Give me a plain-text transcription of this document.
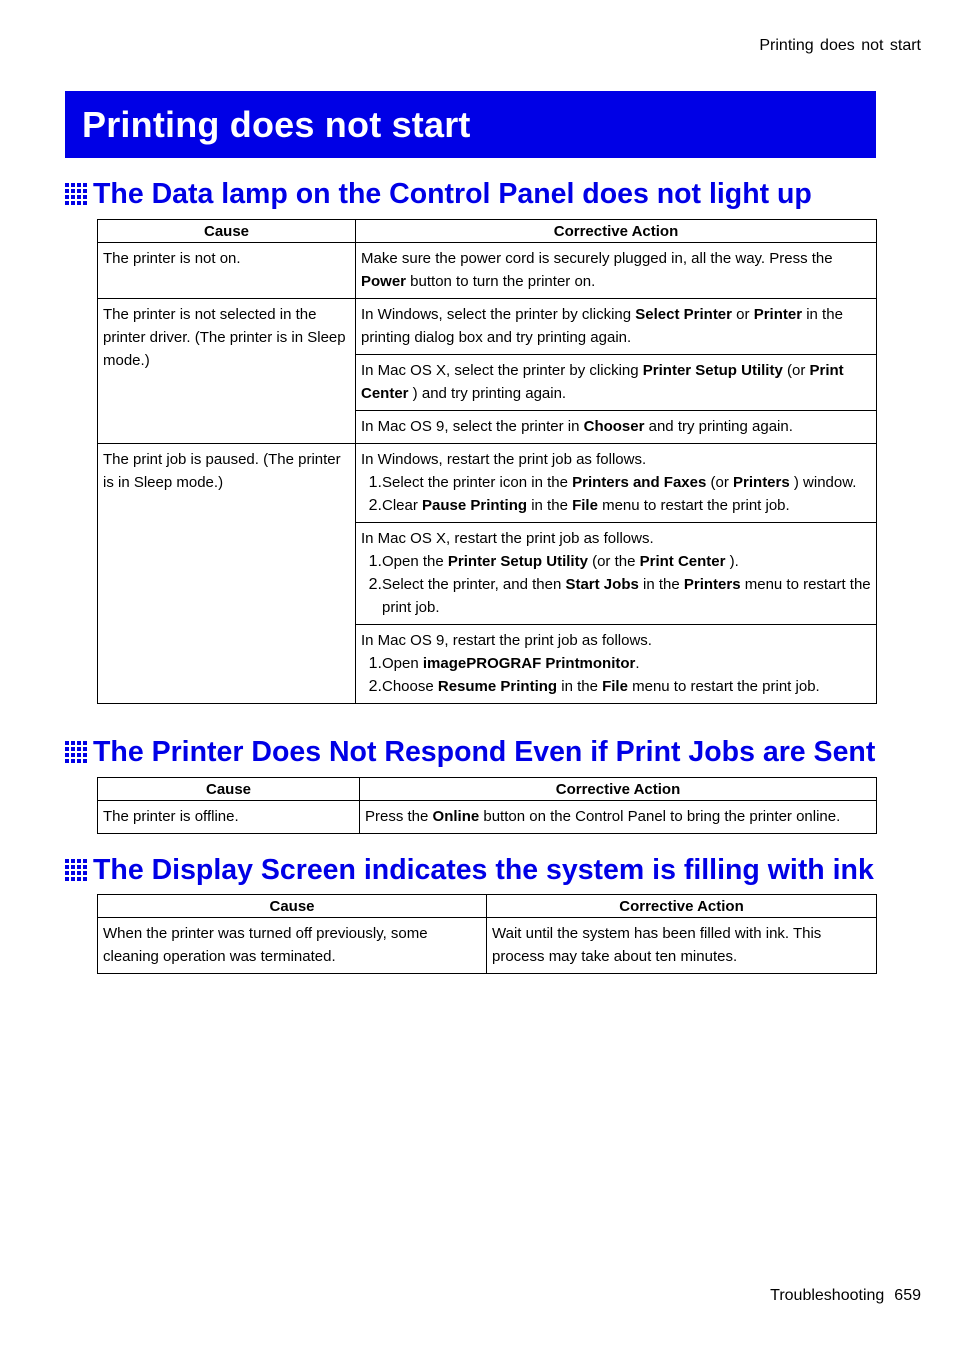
Printing does not start
Printing does not start
The Data lamp on the Control Panel does not light up
Cause	Corrective Action
The printer is not on.	Make sure the power cord is securely plugged in, all the way. Press the Power button to turn the printer on.
The printer is not selected in the printer driver. (The printer is in Sleep mode.)	In Windows, select the printer by clicking Select Printer or Printer in the printing dialog box and try printing again.
	In Mac OS X, select the printer by clicking Printer Setup Utility (or Print Center ) and try printing again.
	In Mac OS 9, select the printer in Chooser and try printing again.
The print job is paused. (The printer is in Sleep mode.)	In Windows, restart the print job as follows.
1. Select the printer icon in the Printers and Faxes (or Printers ) window.
2. Clear Pause Printing in the File menu to restart the print job.

	In Mac OS X, restart the print job as follows.
1. Open the Printer Setup Utility (or the Print Center ).
2. Select the printer, and then Start Jobs in the Printers menu to restart the print job.

	In Mac OS 9, restart the print job as follows.
1. Open imagePROGRAF Printmonitor.
2. Choose Resume Printing in the File menu to restart the print job.
The Printer Does Not Respond Even if Print Jobs are Sent
Cause	Corrective Action
The printer is offline.	Press the Online button on the Control Panel to bring the printer online.
The Display Screen indicates the system is filling with ink
Cause	Corrective Action
When the printer was turned off previously, some cleaning operation was terminated.	Wait until the system has been filled with ink. This process may take about ten minutes.
Troubleshooting 659
